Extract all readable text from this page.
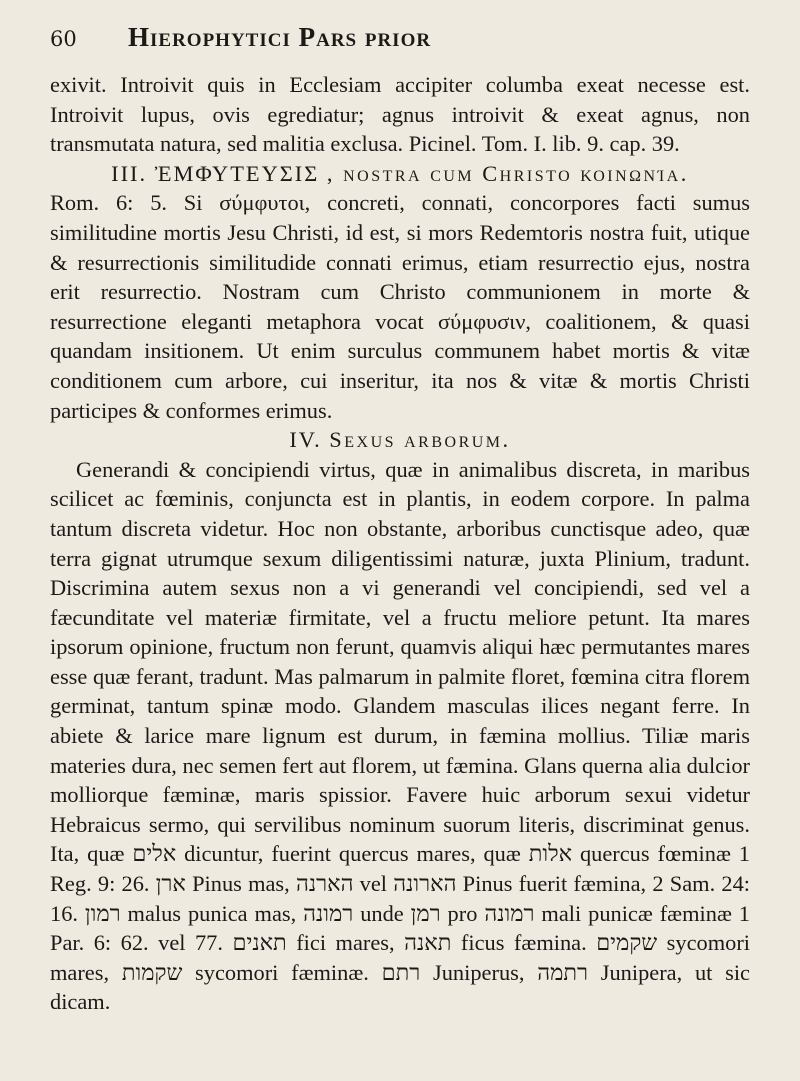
60	Hierophytici Pars prior

exivit. Introivit quis in Ecclesiam accipiter columba exeat necesse est. Introivit lupus, ovis egrediatur; agnus introivit & exeat agnus, non transmutata natura, sed malitia exclusa. Picinel. Tom. I. lib. 9. cap. 39.

III. ἘΜΦΥΤΕΥΣΙΣ , nostra cum Christo κοινωνία.

Rom. 6: 5. Si σύμφυτοι, concreti, connati, concorpores facti sumus similitudine mortis Jesu Christi, id est, si mors Redemtoris nostra fuit, utique & resurrectionis similitudide connati erimus, etiam resurrectio ejus, nostra erit resurrectio. Nostram cum Christo communionem in morte & resurrectione eleganti metaphora vocat σύμφυσιν, coalitionem, & quasi quandam insitionem. Ut enim surculus communem habet mortis & vitæ conditionem cum arbore, cui inseritur, ita nos & vitæ & mortis Christi participes & conformes erimus.

IV. Sexus arborum.

Generandi & concipiendi virtus, quæ in animalibus discreta, in maribus scilicet ac fœminis, conjuncta est in plantis, in eodem corpore. In palma tantum discreta videtur. Hoc non obstante, arboribus cunctisque adeo, quæ terra gignat utrumque sexum diligentissimi naturæ, juxta Plinium, tradunt. Discrimina autem sexus non a vi generandi vel concipiendi, sed vel a fæcunditate vel materiæ firmitate, vel a fructu meliore petunt. Ita mares ipsorum opinione, fructum non ferunt, quamvis aliqui hæc permutantes mares esse quæ ferant, tradunt. Mas palmarum in palmite floret, fœmina citra florem germinat, tantum spinæ modo. Glandem masculas ilices negant ferre. In abiete & larice mare lignum est durum, in fæmina mollius. Tiliæ maris materies dura, nec semen fert aut florem, ut fæmina. Glans querna alia dulcior molliorque fæminæ, maris spissior. Favere huic arborum sexui videtur Hebraicus sermo, qui servilibus nominum suorum literis, discriminat genus. Ita, quæ אלים dicuntur, fuerint quercus mares, quæ אלות quercus fœminæ 1 Reg. 9: 26. ארן Pinus mas, הארנה vel הארונה Pinus fuerit fæmina, 2 Sam. 24: 16. רמון malus punica mas, רמונה unde רמן pro רמונה mali punicæ fæminæ 1 Par. 6: 62. vel 77. תאנים fici mares, תאנה ficus fæmina. שקמים sycomori mares, שקמות sycomori fæminæ. רתם Juniperus, רתמה Junipera, ut sic dicam.
